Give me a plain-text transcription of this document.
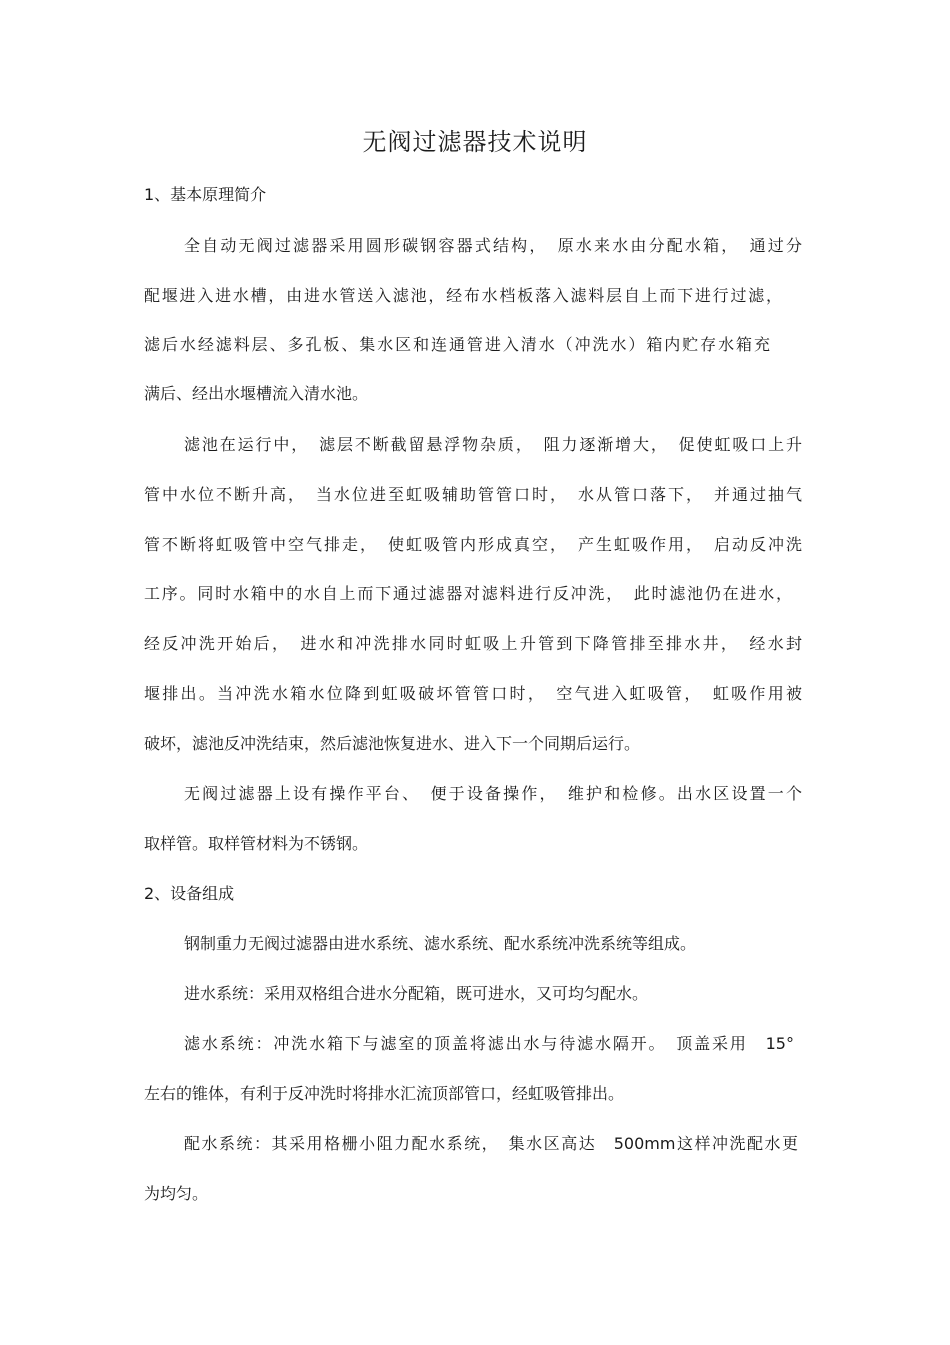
无阀过滤器技术说明
1、基本原理简介
全自动无阀过滤器采用圆形碳钢容器式结构，　原水来水由分配水箱，　通过分
配堰进入进水槽，由进水管送入滤池，经布水档板落入滤料层自上而下进行过滤，
滤后水经滤料层、多孔板、集水区和连通管进入清水（冲洗水）箱内贮存水箱充
满后、经出水堰槽流入清水池。
滤池在运行中，　滤层不断截留悬浮物杂质，　阻力逐渐增大，　促使虹吸口上升
管中水位不断升高，　当水位进至虹吸辅助管管口时，　水从管口落下，　并通过抽气
管不断将虹吸管中空气排走，　使虹吸管内形成真空，　产生虹吸作用，　启动反冲洗
工序。同时水箱中的水自上而下通过滤器对滤料进行反冲洗，　此时滤池仍在进水，
经反冲洗开始后，　进水和冲洗排水同时虹吸上升管到下降管排至排水井，　经水封
堰排出。当冲洗水箱水位降到虹吸破坏管管口时，　空气进入虹吸管，　虹吸作用被
破坏，滤池反冲洗结束，然后滤池恢复进水、进入下一个同期后运行。
无阀过滤器上设有操作平台、　便于设备操作，　维护和检修。出水区设置一个
取样管。取样管材料为不锈钢。
2、设备组成
钢制重力无阀过滤器由进水系统、滤水系统、配水系统冲洗系统等组成。
进水系统：采用双格组合进水分配箱，既可进水，又可均匀配水。
滤水系统：冲洗水箱下与滤室的顶盖将滤出水与待滤水隔开。　顶盖采用　15°
左右的锥体，有利于反冲洗时将排水汇流顶部管口，经虹吸管排出。
配水系统：其采用格栅小阻力配水系统，　集水区高达　500mm这样冲洗配水更
为均匀。
